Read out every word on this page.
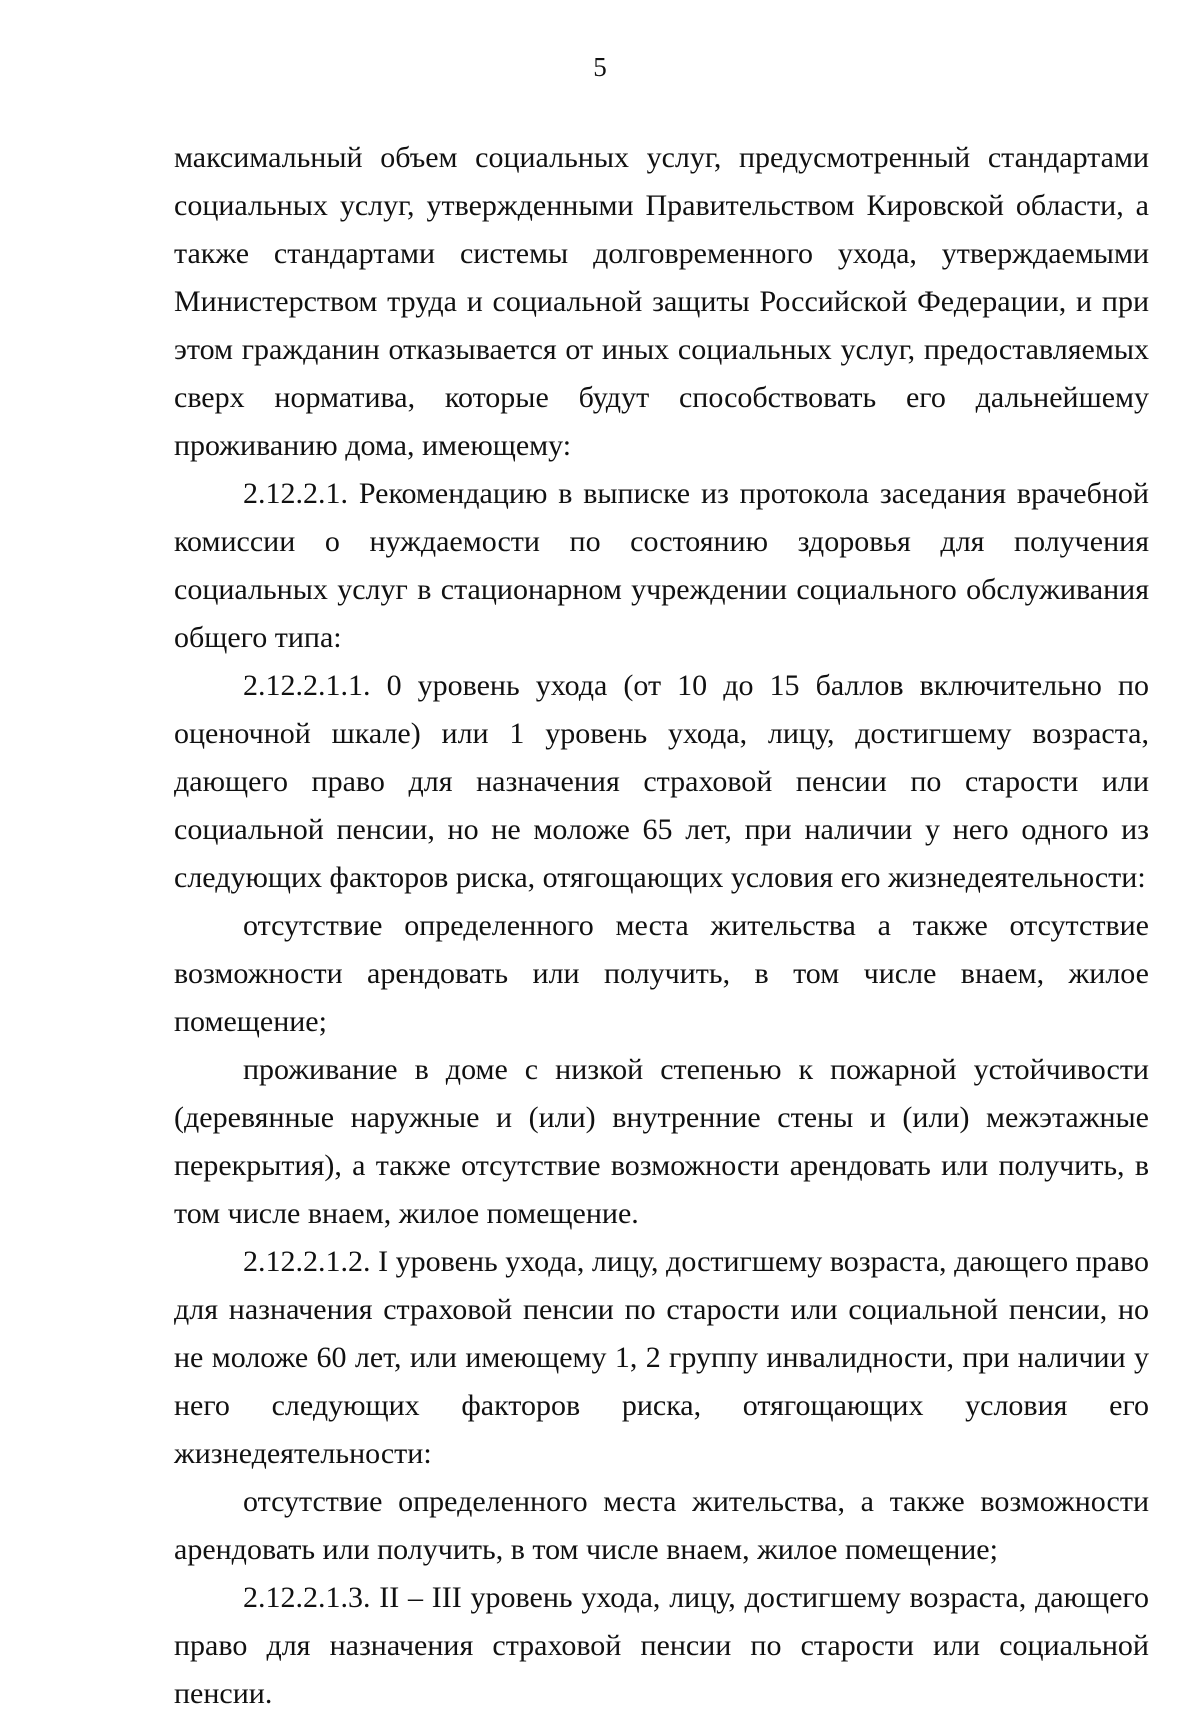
5

максимальный объем социальных услуг, предусмотренный стандартами социальных услуг, утвержденными Правительством Кировской области, а также стандартами системы долговременного ухода, утверждаемыми Министерством труда и социальной защиты Российской Федерации, и при этом гражданин отказывается от иных социальных услуг, предоставляемых сверх норматива, которые будут способствовать его дальнейшему проживанию дома, имеющему:

2.12.2.1. Рекомендацию в выписке из протокола заседания врачебной комиссии о нуждаемости по состоянию здоровья для получения социальных услуг в стационарном учреждении социального обслуживания общего типа:

2.12.2.1.1. 0 уровень ухода (от 10 до 15 баллов включительно по оценочной шкале) или 1 уровень ухода, лицу, достигшему возраста, дающего право для назначения страховой пенсии по старости или социальной пенсии, но не моложе 65 лет, при наличии у него одного из следующих факторов риска, отягощающих условия его жизнедеятельности:

отсутствие определенного места жительства а также отсутствие возможности арендовать или получить, в том числе внаем, жилое помещение;

проживание в доме с низкой степенью к пожарной устойчивости (деревянные наружные и (или) внутренние стены и (или) межэтажные перекрытия), а также отсутствие возможности арендовать или получить, в том числе внаем, жилое помещение.

2.12.2.1.2. I уровень ухода, лицу, достигшему возраста, дающего право для назначения страховой пенсии по старости или социальной пенсии, но не моложе 60 лет, или имеющему 1, 2 группу инвалидности, при наличии у него следующих факторов риска, отягощающих условия его жизнедеятельности:

отсутствие определенного места жительства, а также возможности арендовать или получить, в том числе внаем, жилое помещение;

2.12.2.1.3. II – III уровень ухода, лицу, достигшему возраста, дающего право для назначения страховой пенсии по старости или социальной пенсии.
